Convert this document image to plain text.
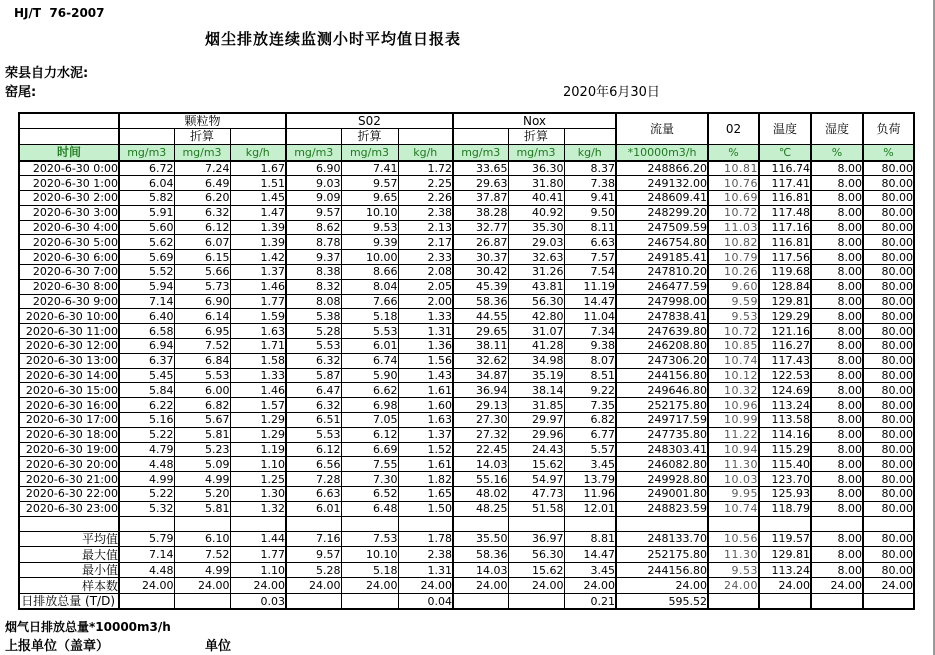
HJ/T  76-2007
烟尘排放连续监测小时平均值日报表
荣县自力水泥:
窑尾:	2020年6月30日
	颗粒物			S02			Nox			流量	02	温度	湿度	负荷
		折算			折算			折算						
时间	mg/m3	mg/m3	kg/h	mg/m3	mg/m3	kg/h	mg/m3	mg/m3	kg/h	*10000m3/h	%	℃	%	%
2020-6-30 0:00	6.72	7.24	1.67	6.90	7.41	1.72	33.65	36.30	8.37	248866.20	10.81	116.74	8.00	80.00
2020-6-30 1:00	6.04	6.49	1.51	9.03	9.57	2.25	29.63	31.80	7.38	249132.00	10.76	117.41	8.00	80.00
2020-6-30 2:00	5.82	6.20	1.45	9.09	9.65	2.26	37.87	40.41	9.41	248609.41	10.69	116.81	8.00	80.00
2020-6-30 3:00	5.91	6.32	1.47	9.57	10.10	2.38	38.28	40.92	9.50	248299.20	10.72	117.48	8.00	80.00
2020-6-30 4:00	5.60	6.12	1.39	8.62	9.53	2.13	32.77	35.30	8.11	247509.59	11.03	117.16	8.00	80.00
2020-6-30 5:00	5.62	6.07	1.39	8.78	9.39	2.17	26.87	29.03	6.63	246754.80	10.82	116.81	8.00	80.00
2020-6-30 6:00	5.69	6.15	1.42	9.37	10.00	2.33	30.37	32.63	7.57	249185.41	10.79	117.56	8.00	80.00
2020-6-30 7:00	5.52	5.66	1.37	8.38	8.66	2.08	30.42	31.26	7.54	247810.20	10.26	119.68	8.00	80.00
2020-6-30 8:00	5.94	5.73	1.46	8.32	8.04	2.05	45.39	43.81	11.19	246477.59	9.60	128.84	8.00	80.00
2020-6-30 9:00	7.14	6.90	1.77	8.08	7.66	2.00	58.36	56.30	14.47	247998.00	9.59	129.81	8.00	80.00
2020-6-30 10:00	6.40	6.14	1.59	5.38	5.18	1.33	44.55	42.80	11.04	247838.41	9.53	129.29	8.00	80.00
2020-6-30 11:00	6.58	6.95	1.63	5.28	5.53	1.31	29.65	31.07	7.34	247639.80	10.72	121.16	8.00	80.00
2020-6-30 12:00	6.94	7.52	1.71	5.53	6.01	1.36	38.11	41.28	9.38	246208.80	10.85	116.27	8.00	80.00
2020-6-30 13:00	6.37	6.84	1.58	6.32	6.74	1.56	32.62	34.98	8.07	247306.20	10.74	117.43	8.00	80.00
2020-6-30 14:00	5.45	5.53	1.33	5.87	5.90	1.43	34.87	35.19	8.51	244156.80	10.12	122.53	8.00	80.00
2020-6-30 15:00	5.84	6.00	1.46	6.47	6.62	1.61	36.94	38.14	9.22	249646.80	10.32	124.69	8.00	80.00
2020-6-30 16:00	6.22	6.82	1.57	6.32	6.98	1.60	29.13	31.85	7.35	252175.80	10.96	113.24	8.00	80.00
2020-6-30 17:00	5.16	5.67	1.29	6.51	7.05	1.63	27.30	29.97	6.82	249717.59	10.99	113.58	8.00	80.00
2020-6-30 18:00	5.22	5.81	1.29	5.53	6.12	1.37	27.32	29.96	6.77	247735.80	11.22	114.16	8.00	80.00
2020-6-30 19:00	4.79	5.23	1.19	6.12	6.69	1.52	22.45	24.43	5.57	248303.41	10.94	115.29	8.00	80.00
2020-6-30 20:00	4.48	5.09	1.10	6.56	7.55	1.61	14.03	15.62	3.45	246082.80	11.30	115.40	8.00	80.00
2020-6-30 21:00	4.99	4.99	1.25	7.28	7.30	1.82	55.16	54.97	13.79	249928.80	10.03	123.70	8.00	80.00
2020-6-30 22:00	5.22	5.20	1.30	6.63	6.52	1.65	48.02	47.73	11.96	249001.80	9.95	125.93	8.00	80.00
2020-6-30 23:00	5.32	5.81	1.32	6.01	6.48	1.50	48.25	51.58	12.01	248823.59	10.74	118.79	8.00	80.00

平均值	5.79	6.10	1.44	7.16	7.53	1.78	35.50	36.97	8.81	248133.70	10.56	119.57	8.00	80.00
最大值	7.14	7.52	1.77	9.57	10.10	2.38	58.36	56.30	14.47	252175.80	11.30	129.81	8.00	80.00
最小值	4.48	4.99	1.10	5.28	5.18	1.31	14.03	15.62	3.45	244156.80	9.53	113.24	8.00	80.00
样本数	24.00	24.00	24.00	24.00	24.00	24.00	24.00	24.00	24.00	24.00	24.00	24.00	24.00	24.00

日排放总量 (T/D)			0.03			0.04			0.21	595.52				
烟气日排放总量*10000m3/h
上报单位（盖章）	单位
